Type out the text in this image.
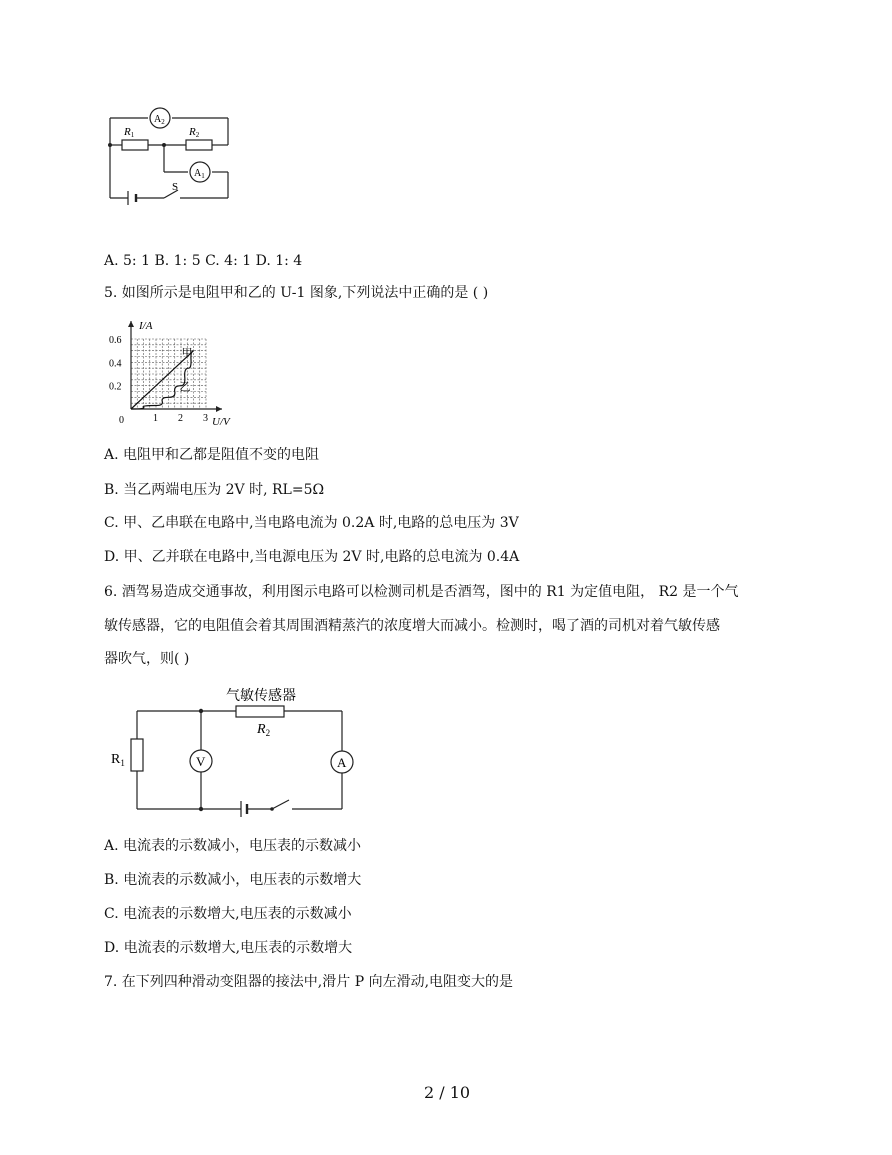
$A_2$
$A_1$
R1	R2
S
A. 5: 1 B. 1: 5 C. 4: 1 D. 1: 4
5. 如图所示是电阻甲和乙的 U-1 图象,下列说法中正确的是 ( )
1 2 3
0.2
0.4
0.6
0	U/V
I/A
甲
乙
A. 电阻甲和乙都是阻值不变的电阻
B. 当乙两端电压为 2V 时, RL=5Ω
C. 甲、乙串联在电路中,当电路电流为 0.2A 时,电路的总电压为 3V
D. 甲、乙并联在电路中,当电源电压为 2V 时,电路的总电流为 0.4A
6. 酒驾易造成交通事故，利用图示电路可以检测司机是否酒驾，图中的 R1 为定值电阻， R2 是一个气
敏传感器，它的电阻值会着其周围酒精蒸汽的浓度增大而减小。检测时，喝了酒的司机对着气敏传感
器吹气，则( )
气敏传感器
$R_2$
$R_1$	V	A
A. 电流表的示数减小，电压表的示数减小
B. 电流表的示数减小，电压表的示数增大
C. 电流表的示数增大,电压表的示数减小
D. 电流表的示数增大,电压表的示数增大
7. 在下列四种滑动变阻器的接法中,滑片 P 向左滑动,电阻变大的是
2 / 10
